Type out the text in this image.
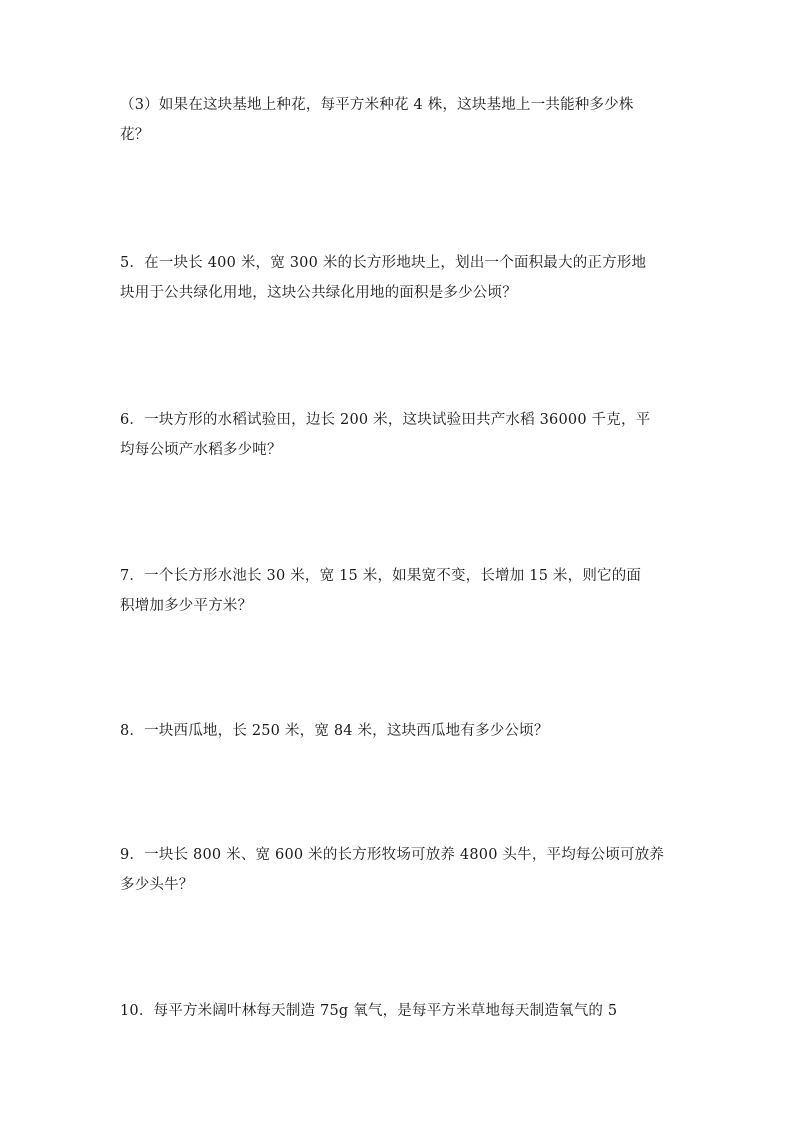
（3）如果在这块基地上种花，每平方米种花 4 株，这块基地上一共能种多少株
花？
5．在一块长 400 米，宽 300 米的长方形地块上，划出一个面积最大的正方形地
块用于公共绿化用地，这块公共绿化用地的面积是多少公顷？
6．一块方形的水稻试验田，边长 200 米，这块试验田共产水稻 36000 千克，平
均每公顷产水稻多少吨？
7．一个长方形水池长 30 米，宽 15 米，如果宽不变，长增加 15 米，则它的面
积增加多少平方米？
8．一块西瓜地，长 250 米，宽 84 米，这块西瓜地有多少公顷？
9．一块长 800 米、宽 600 米的长方形牧场可放养 4800 头牛，平均每公顷可放养
多少头牛？
10．每平方米阔叶林每天制造 75g 氧气，是每平方米草地每天制造氧气的 5
